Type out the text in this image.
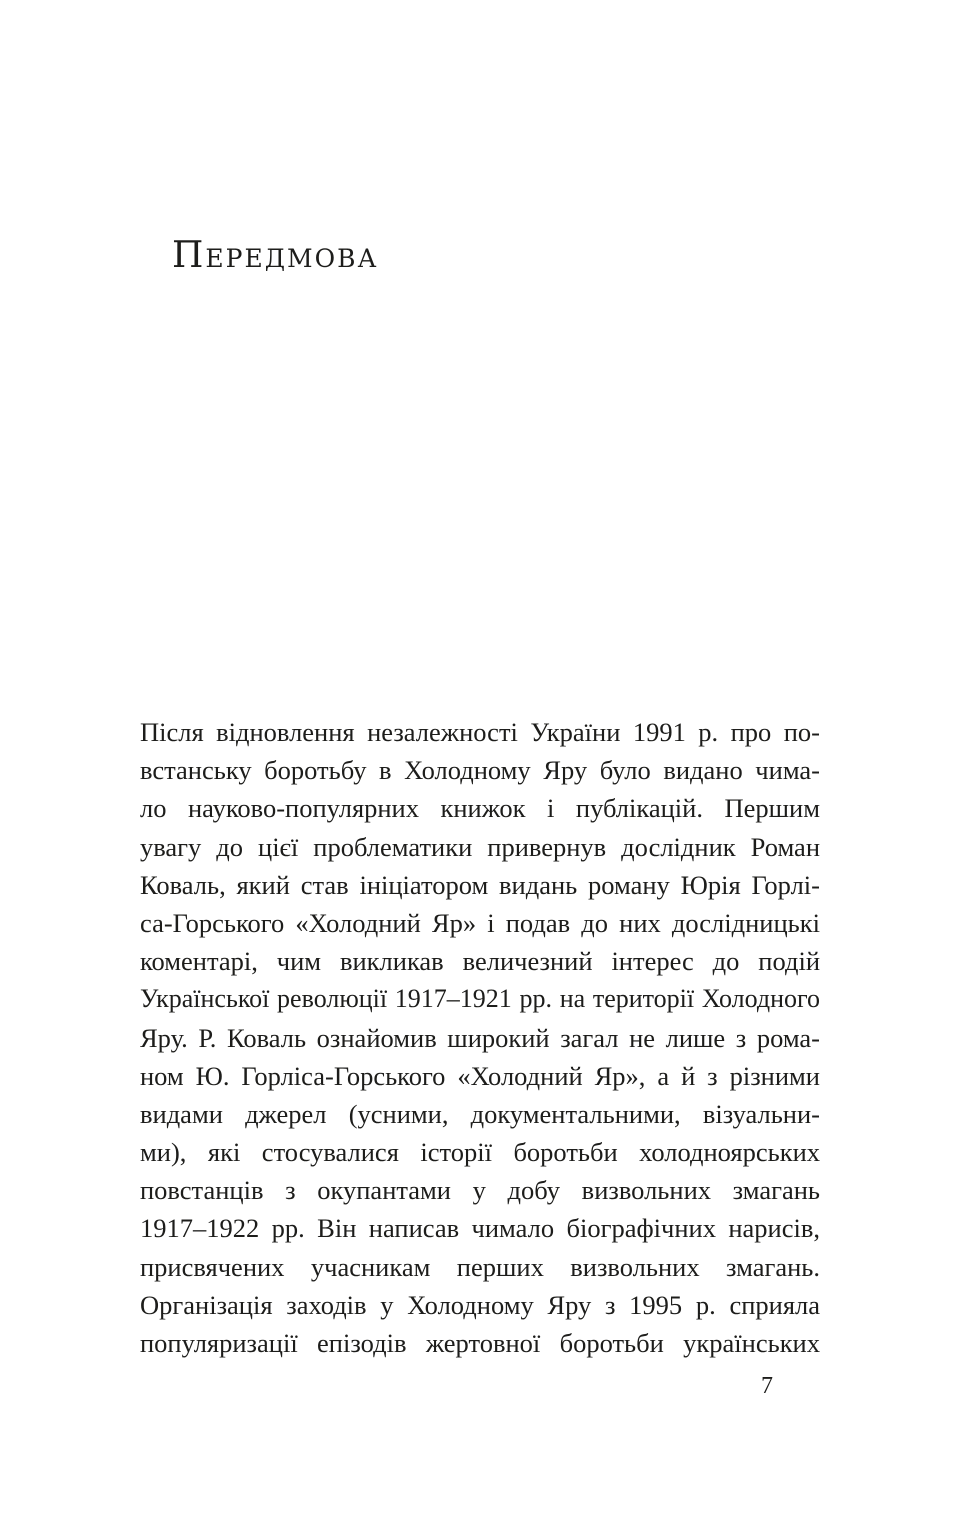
Передмова
Після відновлення незалежності України 1991 р. про по-
встанську боротьбу в Холодному Яру було видано чима-
ло науково-популярних книжок і публікацій. Першим
увагу до цієї проблематики привернув дослідник Роман
Коваль, який став ініціатором видань роману Юрія Горлі-
са-Горського «Холодний Яр» і подав до них дослідницькі
коментарі, чим викликав величезний інтерес до подій
Української революції 1917–1921 рр. на території Холодного
Яру. Р. Коваль ознайомив широкий загал не лише з рома-
ном Ю. Горліса-Горського «Холодний Яр», а й з різними
видами джерел (усними, документальними, візуальни-
ми), які стосувалися історії боротьби холодноярських
повстанців з окупантами у добу визвольних змагань
1917–1922 рр. Він написав чимало біографічних нарисів,
присвячених учасникам перших визвольних змагань.
Організація заходів у Холодному Яру з 1995 р. сприяла
популяризації епізодів жертовної боротьби українських
7
